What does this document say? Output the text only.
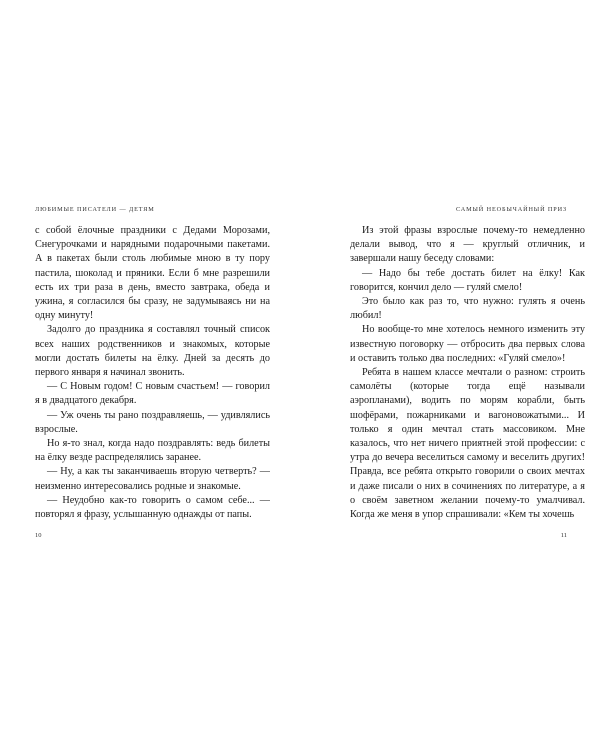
ЛЮБИМЫЕ ПИСАТЕЛИ — ДЕТЯМ

с собой ёлочные праздники с Дедами Морозами, Снегурочками и нарядными подарочными пакетами. А в пакетах были столь любимые мною в ту пору пастила, шоколад и пряники. Если б мне разрешили есть их три раза в день, вместо завтрака, обеда и ужина, я согласился бы сразу, не задумываясь ни на одну минуту!

Задолго до праздника я составлял точный список всех наших родственников и знакомых, которые могли достать билеты на ёлку. Дней за десять до первого января я начинал звонить.

— С Новым годом! С новым счастьем! — говорил я в двадцатого декабря.

— Уж очень ты рано поздравляешь, — удивлялись взрослые.

Но я-то знал, когда надо поздравлять: ведь билеты на ёлку везде распределялись заранее.

— Ну, а как ты заканчиваешь вторую четверть? — неизменно интересовались родные и знакомые.

— Неудобно как-то говорить о самом себе... — повторял я фразу, услышанную однажды от папы.

10
САМЫЙ НЕОБЫЧАЙНЫЙ ПРИЗ

Из этой фразы взрослые почему-то немедленно делали вывод, что я — круглый отличник, и завершали нашу беседу словами:

— Надо бы тебе достать билет на ёлку! Как говорится, кончил дело — гуляй смело!

Это было как раз то, что нужно: гулять я очень любил!

Но вообще-то мне хотелось немного изменить эту известную поговорку — отбросить два первых слова и оставить только два последних: «Гуляй смело»!

Ребята в нашем классе мечтали о разном: строить самолёты (которые тогда ещё называли аэропланами), водить по морям корабли, быть шофёрами, пожарниками и вагоновожатыми... И только я один мечтал стать массовиком. Мне казалось, что нет ничего приятней этой профессии: с утра до вечера веселиться самому и веселить других! Правда, все ребята открыто говорили о своих мечтах и даже писали о них в сочинениях по литературе, а я о своём заветном желании почему-то умалчивал. Когда же меня в упор спрашивали: «Кем ты хочешь

11
